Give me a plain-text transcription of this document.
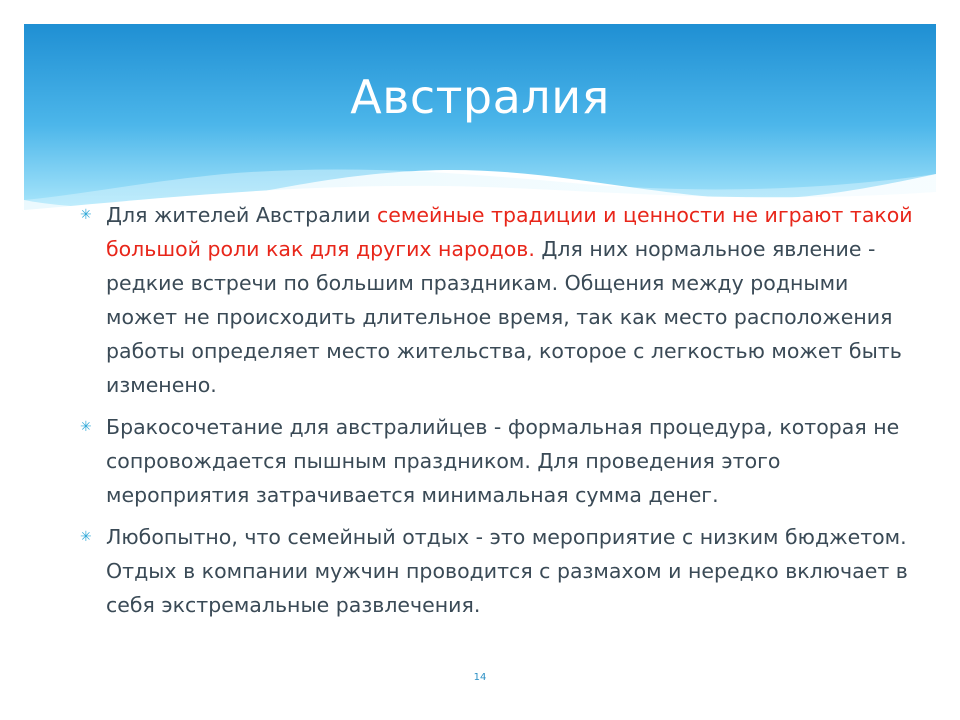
Австралия
✳ Для жителей Австралии семейные традиции и ценности не играют такой большой роли как для других народов. Для них нормальное явление - редкие встречи по большим праздникам. Общения между родными может не происходить длительное время, так как место расположения работы определяет место жительства, которое с легкостью может быть изменено.
✳ Бракосочетание для австралийцев - формальная процедура, которая не сопровождается пышным праздником. Для проведения этого мероприятия затрачивается минимальная сумма денег.
✳ Любопытно, что семейный отдых - это мероприятие с низким бюджетом. Отдых в компании мужчин проводится с размахом и нередко включает в себя экстремальные развлечения.
14
